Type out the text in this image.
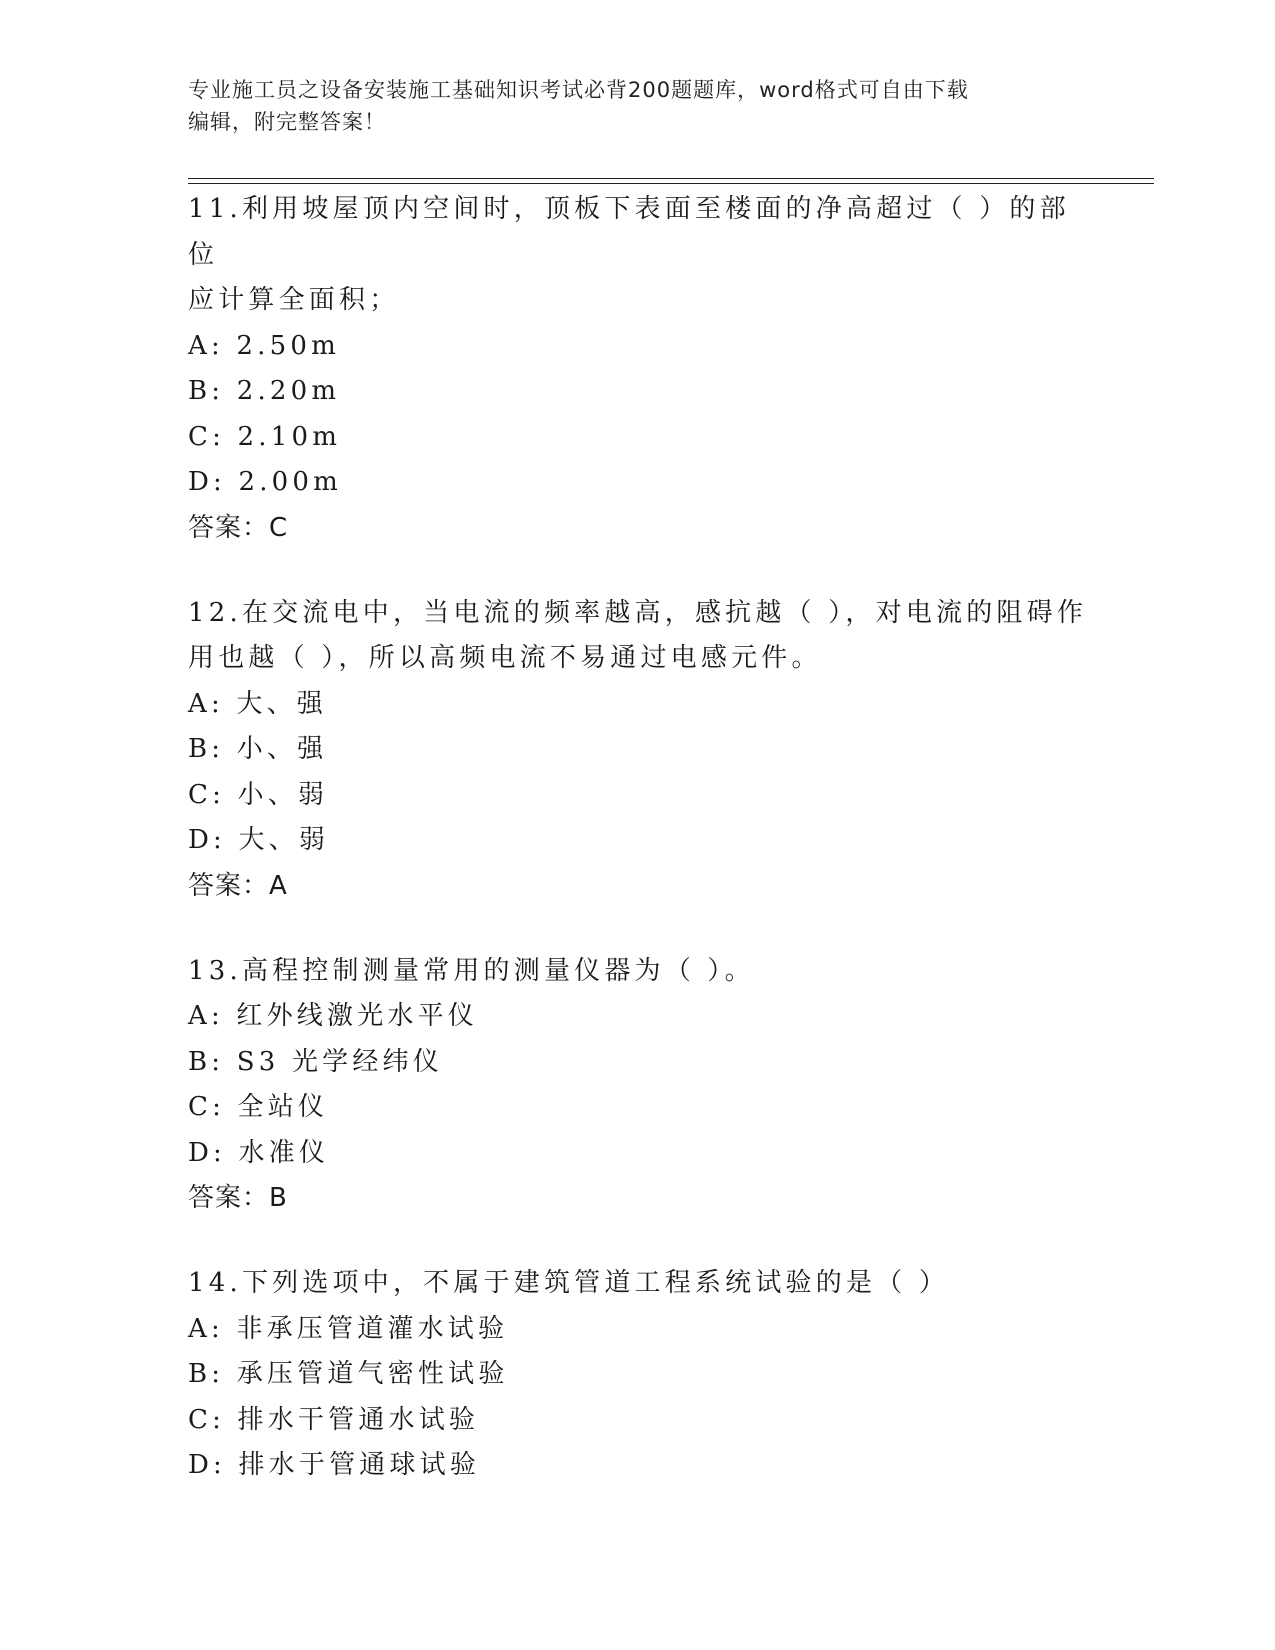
专业施工员之设备安装施工基础知识考试必背200题题库，word格式可自由下载
编辑，附完整答案！

11.利用坡屋顶内空间时，顶板下表面至楼面的净高超过（ ）的部位

应计算全面积；

A: 2.50m

B: 2.20m

C: 2.10m

D: 2.00m

答案：C

12.在交流电中，当电流的频率越高，感抗越（ ），对电流的阻碍作

用也越（ ），所以高频电流不易通过电感元件。

A: 大、强

B: 小、强

C: 小、弱

D: 大、弱

答案：A

13.高程控制测量常用的测量仪器为（ ）。

A: 红外线激光水平仪

B: S3 光学经纬仪

C: 全站仪

D: 水准仪

答案：B

14.下列选项中，不属于建筑管道工程系统试验的是（ ）

A: 非承压管道灌水试验

B: 承压管道气密性试验

C: 排水干管通水试验

D: 排水于管通球试验
